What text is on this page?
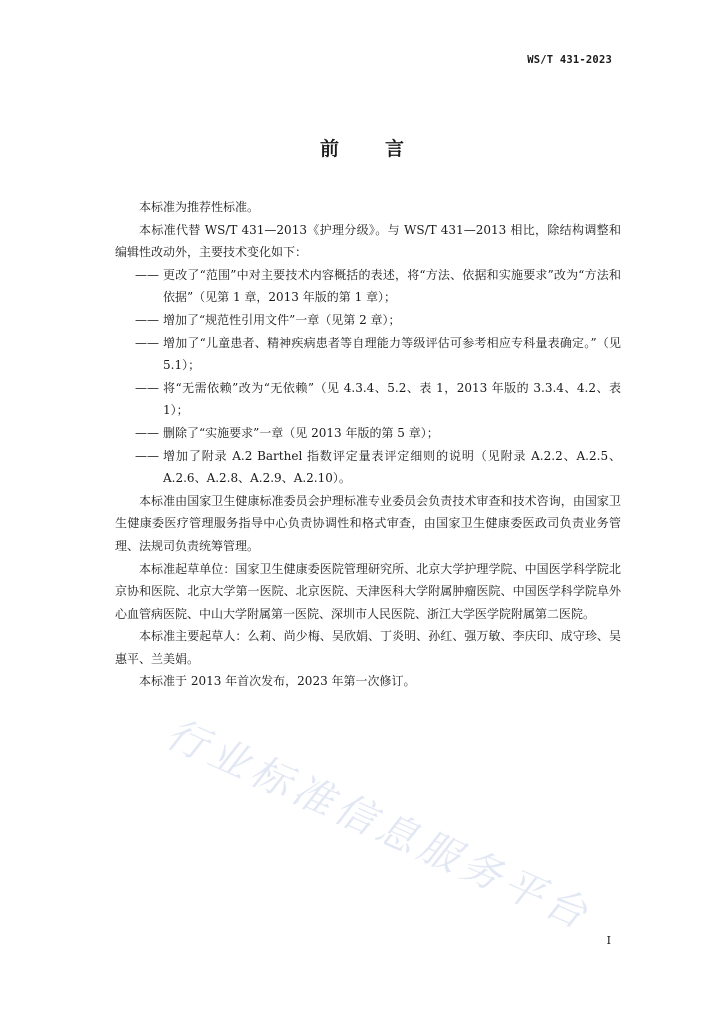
WS/T 431-2023
前 言

本标准为推荐性标准。

本标准代替 WS/T 431—2013《护理分级》。与 WS/T 431—2013 相比，除结构调整和编辑性改动外，主要技术变化如下：

—— 更改了“范围”中对主要技术内容概括的表述，将“方法、依据和实施要求”改为“方法和依据”（见第 1 章，2013 年版的第 1 章）；
—— 增加了“规范性引用文件”一章（见第 2 章）；
—— 增加了“儿童患者、精神疾病患者等自理能力等级评估可参考相应专科量表确定。”（见 5.1）；
—— 将“无需依赖”改为“无依赖”（见 4.3.4、5.2、表 1，2013 年版的 3.3.4、4.2、表 1）；
—— 删除了“实施要求”一章（见 2013 年版的第 5 章）；
—— 增加了附录 A.2 Barthel 指数评定量表评定细则的说明（见附录 A.2.2、A.2.5、A.2.6、A.2.8、A.2.9、A.2.10）。

本标准由国家卫生健康标准委员会护理标准专业委员会负责技术审查和技术咨询，由国家卫生健康委医疗管理服务指导中心负责协调性和格式审查，由国家卫生健康委医政司负责业务管理、法规司负责统筹管理。

本标准起草单位：国家卫生健康委医院管理研究所、北京大学护理学院、中国医学科学院北京协和医院、北京大学第一医院、北京医院、天津医科大学附属肿瘤医院、中国医学科学院阜外心血管病医院、中山大学附属第一医院、深圳市人民医院、浙江大学医学院附属第二医院。

本标准主要起草人：么莉、尚少梅、吴欣娟、丁炎明、孙红、强万敏、李庆印、成守珍、吴惠平、兰美娟。

本标准于 2013 年首次发布，2023 年第一次修订。

行业标准信息服务平台
I
